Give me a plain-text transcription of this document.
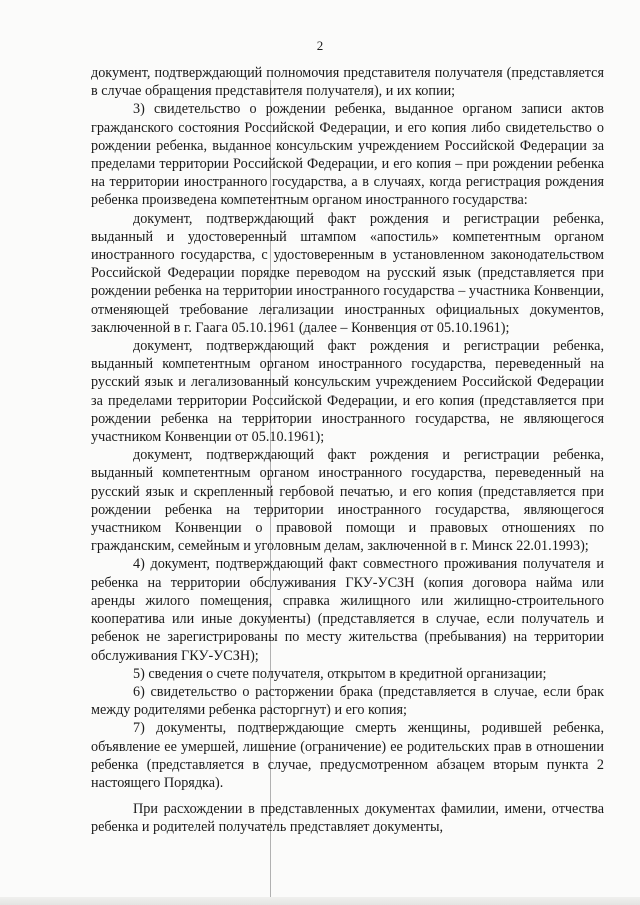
2

документ, подтверждающий полномочия представителя получателя (представляется в случае обращения представителя получателя), и их копии;

3) свидетельство о рождении ребенка, выданное органом записи актов гражданского состояния Российской Федерации, и его копия либо свидетельство о рождении ребенка, выданное консульским учреждением Российской Федерации за пределами территории Российской Федерации, и его копия – при рождении ребенка на территории иностранного государства, а в случаях, когда регистрация рождения ребенка произведена компетентным органом иностранного государства:

документ, подтверждающий факт рождения и регистрации ребенка, выданный и удостоверенный штампом «апостиль» компетентным органом иностранного государства, с удостоверенным в установленном законодательством Российской Федерации порядке переводом на русский язык (представляется при рождении ребенка на территории иностранного государства – участника Конвенции, отменяющей требование легализации иностранных официальных документов, заключенной в г. Гаага 05.10.1961 (далее – Конвенция от 05.10.1961);

документ, подтверждающий факт рождения и регистрации ребенка, выданный компетентным органом иностранного государства, переведенный на русский язык и легализованный консульским учреждением Российской Федерации за пределами территории Российской Федерации, и его копия (представляется при рождении ребенка на территории иностранного государства, не являющегося участником Конвенции от 05.10.1961);

документ, подтверждающий факт рождения и регистрации ребенка, выданный компетентным органом иностранного государства, переведенный на русский язык и скрепленный гербовой печатью, и его копия (представляется при рождении ребенка на территории иностранного государства, являющегося участником Конвенции о правовой помощи и правовых отношениях по гражданским, семейным и уголовным делам, заключенной в г. Минск 22.01.1993);

4) документ, подтверждающий факт совместного проживания получателя и ребенка на территории обслуживания ГКУ-УСЗН (копия договора найма или аренды жилого помещения, справка жилищного или жилищно-строительного кооператива или иные документы) (представляется в случае, если получатель и ребенок не зарегистрированы по месту жительства (пребывания) на территории обслуживания ГКУ-УСЗН);

5) сведения о счете получателя, открытом в кредитной организации;

6) свидетельство о расторжении брака (представляется в случае, если брак между родителями ребенка расторгнут) и его копия;

7) документы, подтверждающие смерть женщины, родившей ребенка, объявление ее умершей, лишение (ограничение) ее родительских прав в отношении ребенка (представляется в случае, предусмотренном абзацем вторым пункта 2 настоящего Порядка).

При расхождении в представленных документах фамилии, имени, отчества ребенка и родителей получатель представляет документы,
